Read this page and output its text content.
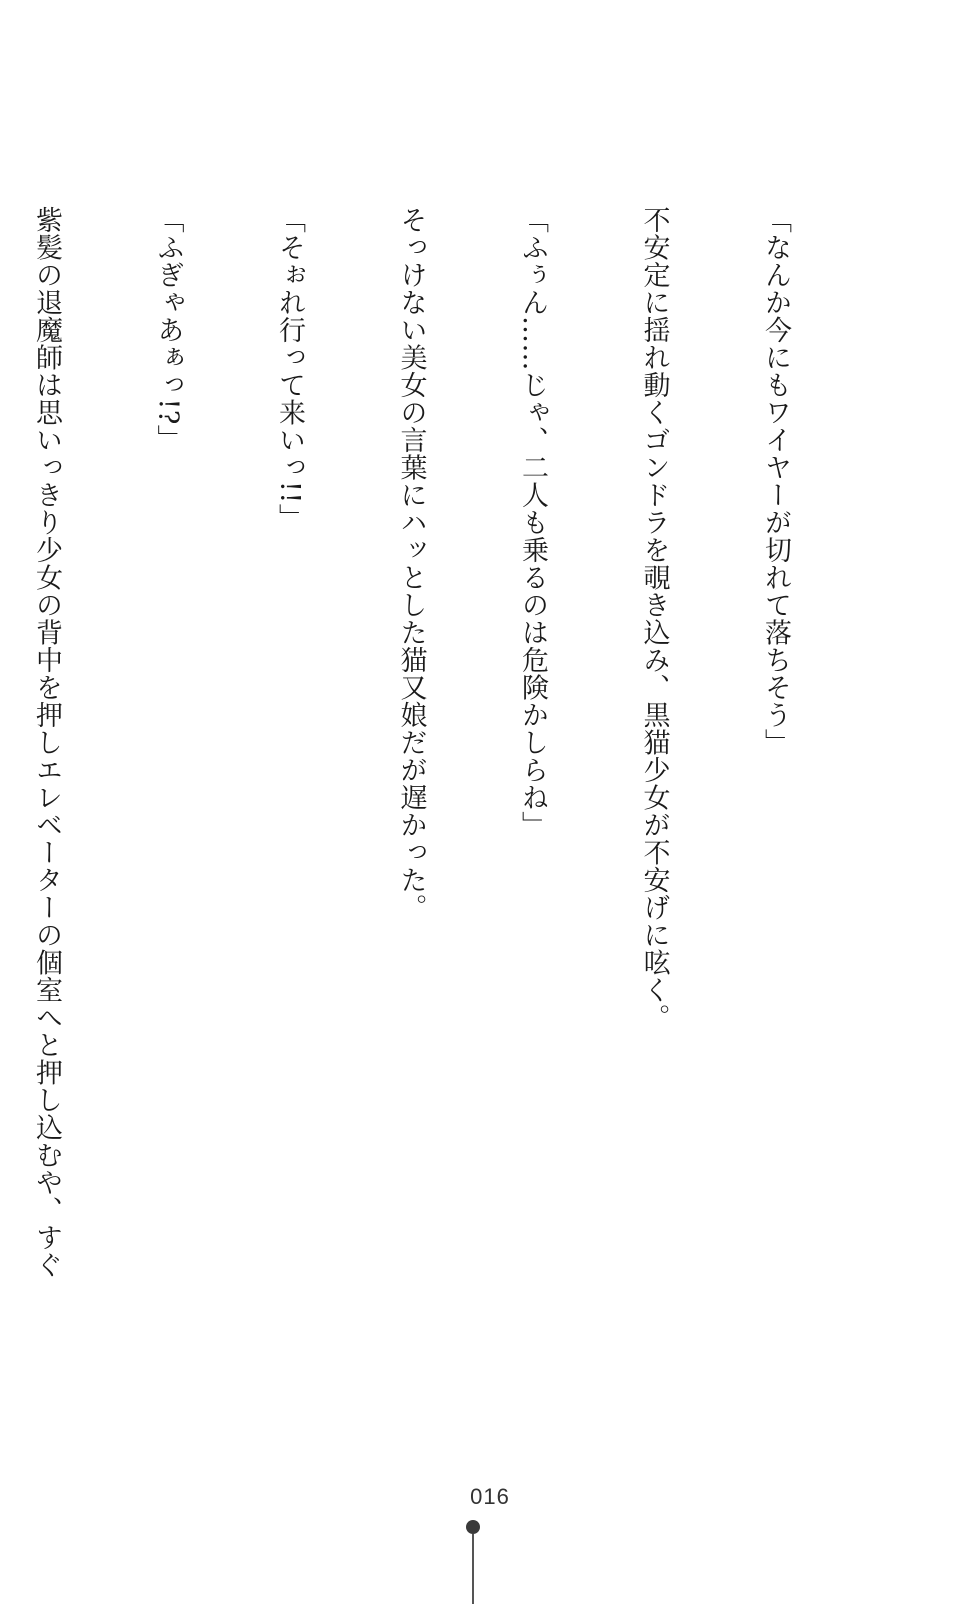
「なんか今にもワイヤーが切れて落ちそう」

不安定に揺れ動くゴンドラを覗き込み、黒猫少女が不安げに呟く。

「ふぅん……じゃ、二人も乗るのは危険かしらね」

そっけない美女の言葉にハッとした猫又娘だが遅かった。

「そぉれ行って来いっ!!」

「ふぎゃあぁっ!?」

紫髪の退魔師は思いっきり少女の背中を押しエレベーターの個室へと押し込むや、すぐ

016
